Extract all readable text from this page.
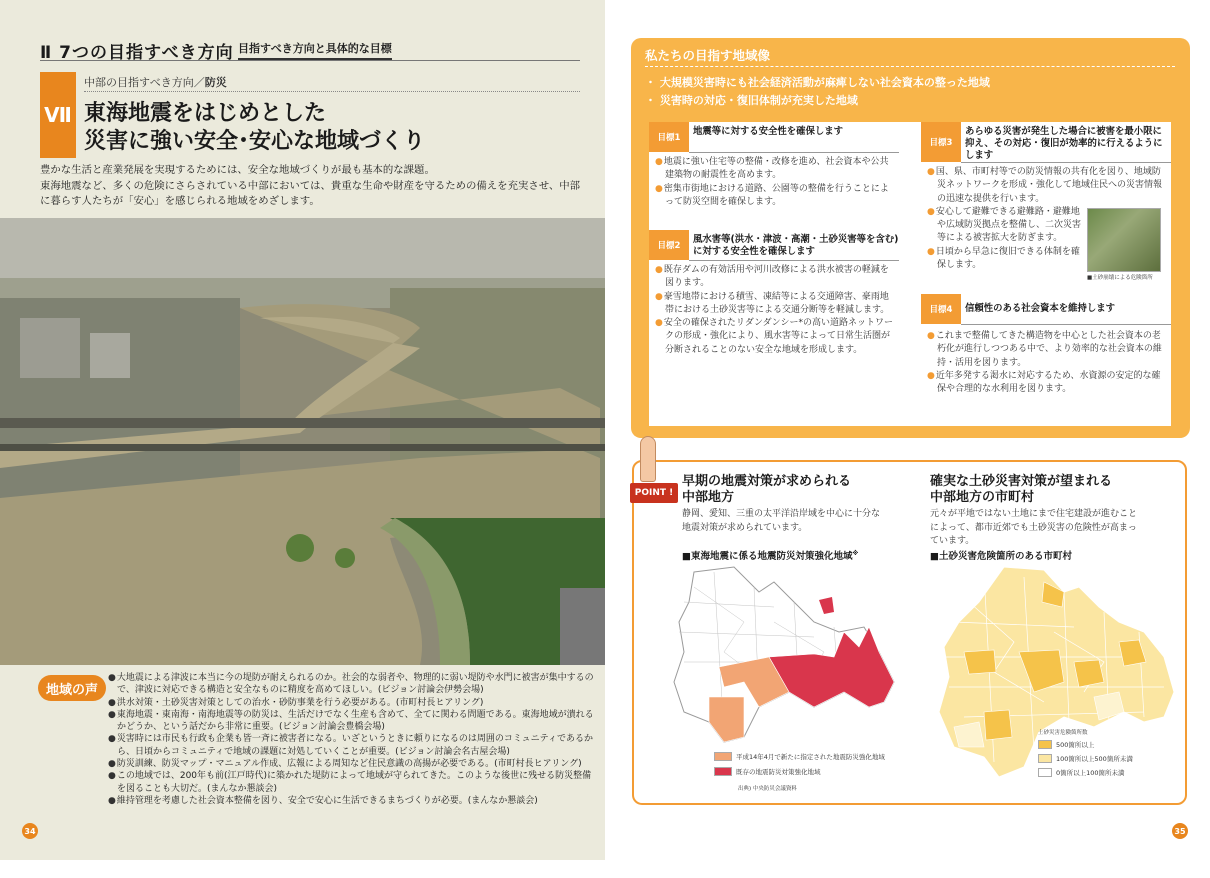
Ⅱ 7つの目指すべき方向 目指すべき方向と具体的な目標
Ⅶ
中部の目指すべき方向／防災
東海地震をはじめとした
災害に強い安全･安心な地域づくり
豊かな生活と産業発展を実現するためには、安全な地域づくりが最も基本的な課題。
東海地震など、多くの危険にさらされている中部においては、貴重な生命や財産を守るための備えを充実させ、中部に暮らす人たちが「安心」を感じられる地域をめざします。
H12. 9 東海豪雨時の庄内川
地域の声
● 大地震による津波に本当に今の堤防が耐えられるのか。社会的な弱者や、物理的に弱い堤防や水門に被害が集中するので、津波に対応できる構造と安全なものに精度を高めてほしい。(ビジョン討論会伊勢会場)
● 洪水対策・土砂災害対策としての治水・砂防事業を行う必要がある。(市町村長ヒアリング)
● 東海地震・東南海・南海地震等の防災は、生活だけでなく生産も含めて、全てに関わる問題である。東海地域が潰れるかどうか、という話だから非常に重要。(ビジョン討論会豊橋会場)
● 災害時には市民も行政も企業も皆一斉に被害者になる。いざというときに頼りになるのは周囲のコミュニティであるから、日頃からコミュニティで地域の課題に対処していくことが重要。(ビジョン討論会名古屋会場)
● 防災訓練、防災マップ・マニュアル作成、広報による周知など住民意識の高揚が必要である。(市町村長ヒアリング)
● この地域では、200年も前(江戸時代)に築かれた堤防によって地域が守られてきた。このような後世に残せる防災整備を図ることも大切だ。(まんなか懇談会)
● 維持管理を考慮した社会資本整備を図り、安全で安心に生活できるまちづくりが必要。(まんなか懇談会)
34
私たちの目指す地域像
・ 大規模災害時にも社会経済活動が麻痺しない社会資本の整った地域
・ 災害時の対応・復旧体制が充実した地域
目標1
地震等に対する安全性を確保します
● 地震に強い住宅等の整備・改修を進め、社会資本や公共建築物の耐震性を高めます。
● 密集市街地における道路、公園等の整備を行うことによって防災空間を確保します。
目標2
風水害等(洪水・津波・高潮・土砂災害等を含む)に対する安全性を確保します
● 既存ダムの有効活用や河川改修による洪水被害の軽減を図ります。
● 豪雪地帯における積雪、凍結等による交通障害、豪雨地帯における土砂災害等による交通分断等を軽減します。
● 安全の確保されたリダンダンシー*の高い道路ネットワークの形成・強化により、風水害等によって日常生活圏が分断されることのない安全な地域を形成します。
目標3
あらゆる災害が発生した場合に被害を最小限に抑え、その対応・復旧が効率的に行えるようにします
● 国、県、市町村等での防災情報の共有化を図り、地域防災ネットワークを形成・強化して地域住民への災害情報の迅速な提供を行います。
● 安心して避難できる避難路・避難地や広域防災拠点を整備し、二次災害等による被害拡大を防ぎます。
● 日頃から早急に復旧できる体制を確保します。
■土砂崩壊による危険箇所
目標4	信頼性のある社会資本を維持します
● これまで整備してきた構造物を中心とした社会資本の老朽化が進行しつつある中で、より効率的な社会資本の維持・活用を図ります。
● 近年多発する渇水に対応するため、水資源の安定的な確保や合理的な水利用を図ります。
POINT !
早期の地震対策が求められる
中部地方
静岡、愛知、三重の太平洋沿岸域を中心に十分な地震対策が求められています。
■東海地震に係る地震防災対策強化地域※
平成14年4月で新たに指定された地震防災強化地域
既存の地震防災対策強化地域
出典) 中央防災会議資料
確実な土砂災害対策が望まれる
中部地方の市町村
元々が平地ではない土地にまで住宅建設が進むことによって、都市近郊でも土砂災害の危険性が高まっています。
■土砂災害危険箇所のある市町村
土砂災害危険箇所数
500箇所以上
100箇所以上500箇所未満
0箇所以上100箇所未満
35
